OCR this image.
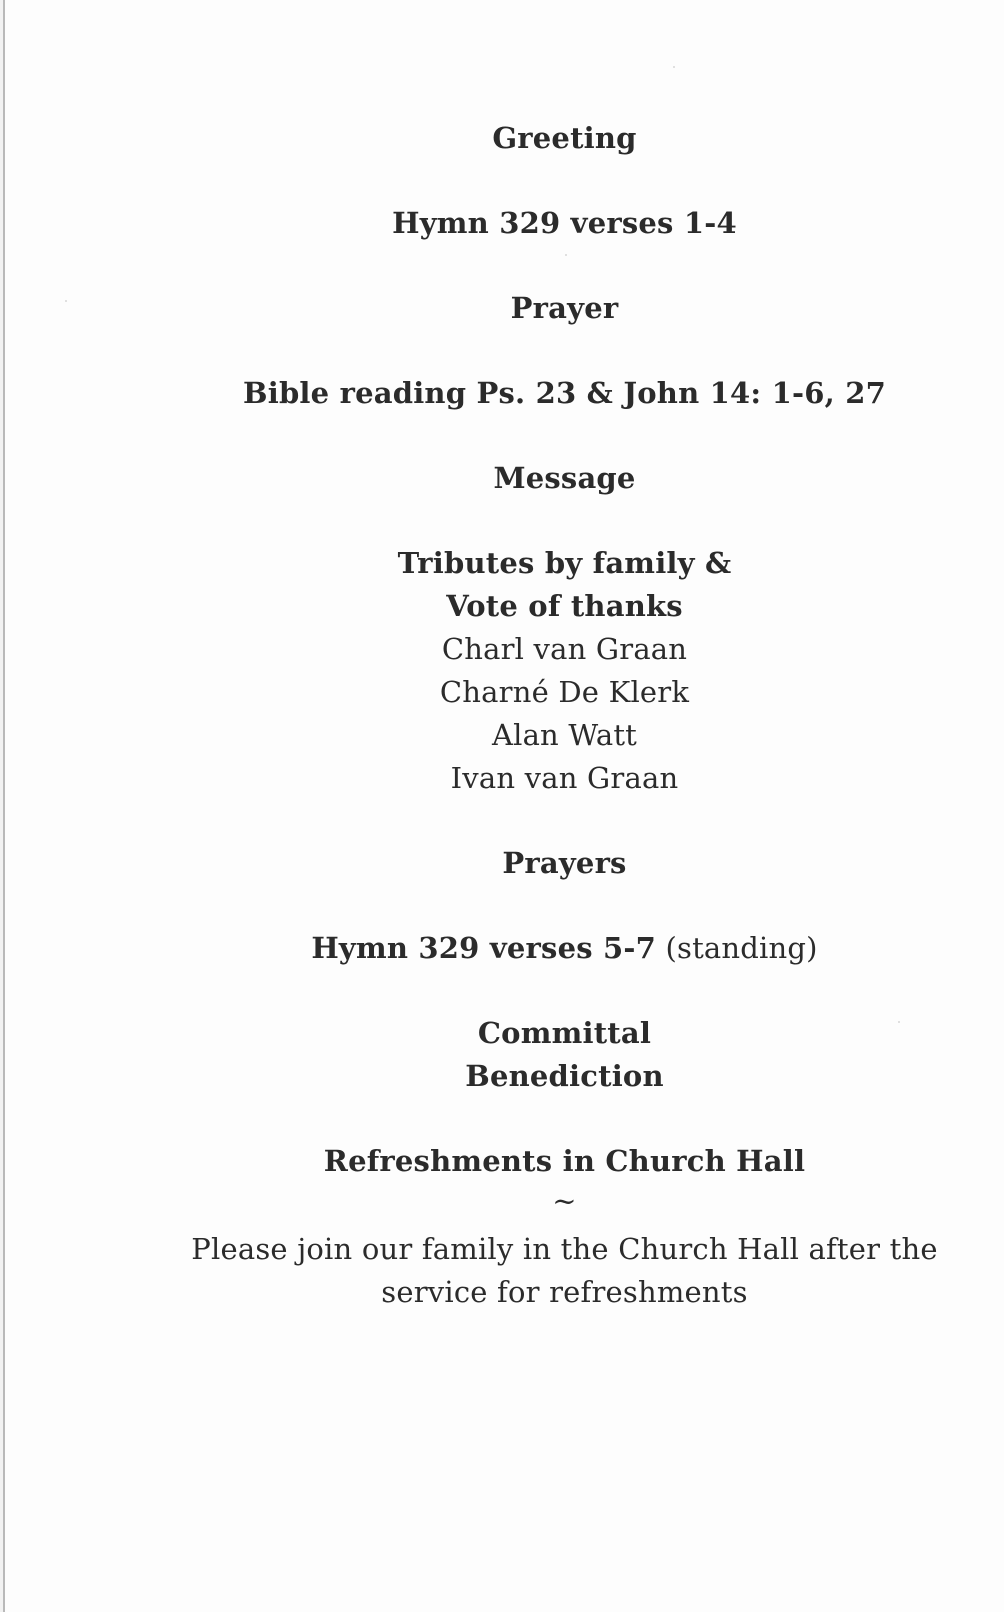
Greeting
Hymn 329 verses 1-4
Prayer
Bible reading Ps. 23 & John 14: 1-6, 27
Message
Tributes by family &
Vote of thanks
Charl van Graan
Charné De Klerk
Alan Watt
Ivan van Graan
Prayers
Hymn 329 verses 5-7 (standing)
Committal
Benediction
Refreshments in Church Hall
~
Please join our family in the Church Hall after the
service for refreshments
